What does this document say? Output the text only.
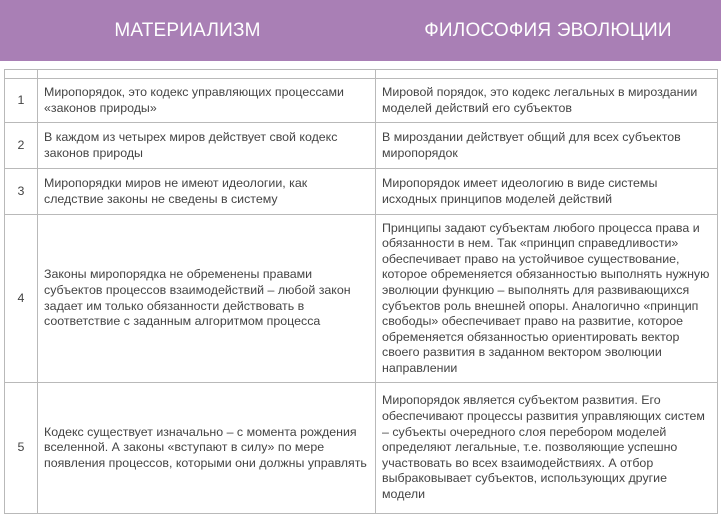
МАТЕРИАЛИЗМ	ФИЛОСОФИЯ ЭВОЛЮЦИИ

1	Миропорядок, это кодекс управляющих процессами «законов природы»	Мировой порядок, это кодекс легальных в мироздании моделей действий его субъектов
2	В каждом из четырех миров действует свой кодекс законов природы	В мироздании действует общий для всех субъектов миропорядок
3	Миропорядки миров не имеют идеологии, как следствие законы не сведены в систему	Миропорядок имеет идеологию в виде системы исходных принципов моделей действий
4	Законы миропорядка не обременены правами субъектов процессов взаимодействий – любой закон задает им только обязанности действовать в соответствие с заданным алгоритмом процесса	Принципы задают субъектам любого процесса права и обязанности в нем. Так «принцип справедливости» обеспечивает право на устойчивое существование, которое обременяется обязанностью выполнять нужную эволюции функцию – выполнять для развивающихся субъектов роль внешней опоры. Аналогично «принцип свободы» обеспечивает право на развитие, которое обременяется обязанностью ориентировать вектор своего развития в заданном вектором эволюции направлении
5	Кодекс существует изначально – с момента рождения вселенной. А законы «вступают в силу» по мере появления процессов, которыми они должны управлять	Миропорядок является субъектом развития. Его обеспечивают процессы развития управляющих систем – субъекты очередного слоя перебором моделей определяют легальные, т.е. позволяющие успешно участвовать во всех взаимодействиях. А отбор выбраковывает субъектов, использующих другие модели
